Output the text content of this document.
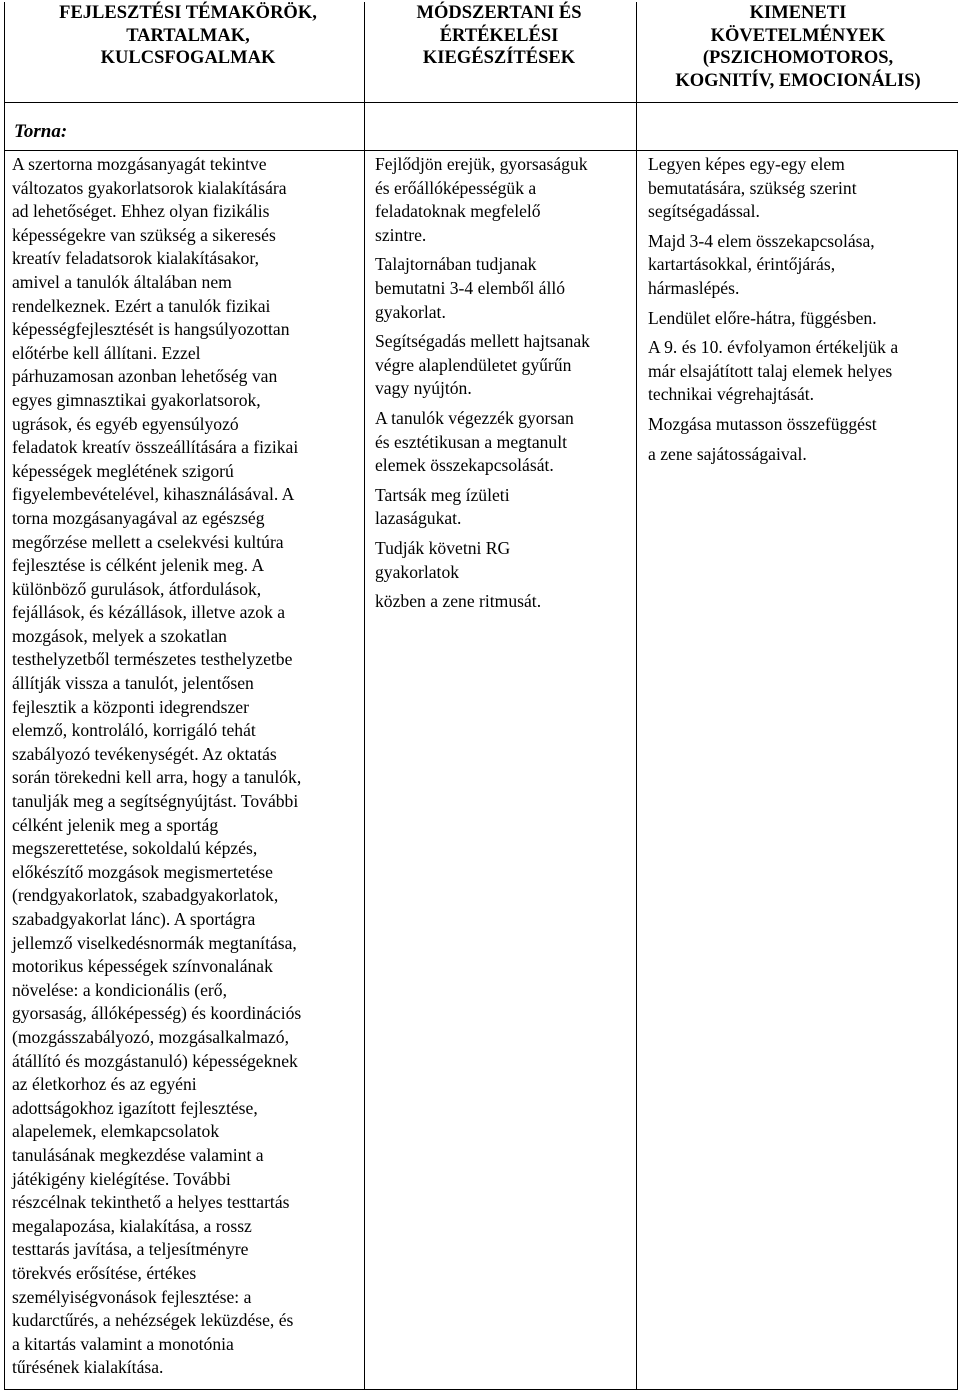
FEJLESZTÉSI TÉMAKÖRÖK,
TARTALMAK,
KULCSFOGALMAK
MÓDSZERTANI ÉS
ÉRTÉKELÉSI
KIEGÉSZÍTÉSEK
KIMENETI
KÖVETELMÉNYEK
(PSZICHOMOTOROS,
KOGNITÍV, EMOCIONÁLIS)
Torna:
A szertorna mozgásanyagát tekintve
változatos gyakorlatsorok kialakítására
ad lehetőséget. Ehhez olyan fizikális
képességekre van szükség a sikeresés
kreatív feladatsorok kialakításakor,
amivel a tanulók általában nem
rendelkeznek. Ezért a tanulók fizikai
képességfejlesztését is hangsúlyozottan
előtérbe kell állítani. Ezzel
párhuzamosan azonban lehetőség van
egyes gimnasztikai gyakorlatsorok,
ugrások, és egyéb egyensúlyozó
feladatok kreatív összeállítására a fizikai
képességek meglétének szigorú
figyelembevételével, kihasználásával. A
torna mozgásanyagával az egészség
megőrzése mellett a cselekvési kultúra
fejlesztése is célként jelenik meg. A
különböző gurulások, átfordulások,
fejállások, és kézállások, illetve azok a
mozgások, melyek a szokatlan
testhelyzetből természetes testhelyzetbe
állítják vissza a tanulót, jelentősen
fejlesztik a központi idegrendszer
elemző, kontroláló, korrigáló tehát
szabályozó tevékenységét. Az oktatás
során törekedni kell arra, hogy a tanulók,
tanulják meg a segítségnyújtást. További
célként jelenik meg a sportág
megszerettetése, sokoldalú képzés,
előkészítő mozgások megismertetése
(rendgyakorlatok, szabadgyakorlatok,
szabadgyakorlat lánc). A sportágra
jellemző viselkedésnormák megtanítása,
motorikus képességek színvonalának
növelése: a kondicionális (erő,
gyorsaság, állóképesség) és koordinációs
(mozgásszabályozó, mozgásalkalmazó,
átállító és mozgástanuló) képességeknek
az életkorhoz és az egyéni
adottságokhoz igazított fejlesztése,
alapelemek, elemkapcsolatok
tanulásának megkezdése valamint a
játékigény kielégítése. További
részcélnak tekinthető a helyes testtartás
megalapozása, kialakítása, a rossz
testtarás javítása, a teljesítményre
törekvés erősítése, értékes
személyiségvonások fejlesztése: a
kudarctűrés, a nehézségek leküzdése, és
a kitartás valamint a monotónia
tűrésének kialakítása.
Fejlődjön erejük, gyorsaságuk
és erőállóképességük a
feladatoknak megfelelő
szintre.
Talajtornában tudjanak
bemutatni 3-4 elemből álló
gyakorlat.
Segítségadás mellett hajtsanak
végre alaplendületet gyűrűn
vagy nyújtón.
A tanulók végezzék gyorsan
és esztétikusan a megtanult
elemek összekapcsolását.
Tartsák meg ízületi
lazaságukat.
Tudják követni RG
gyakorlatok
közben a zene ritmusát.
Legyen képes egy-egy elem
bemutatására, szükség szerint
segítségadással.
Majd 3-4 elem összekapcsolása,
kartartásokkal, érintőjárás,
hármaslépés.
Lendület előre-hátra, függésben.
A 9. és 10. évfolyamon értékeljük a
már elsajátított talaj elemek helyes
technikai végrehajtását.
Mozgása mutasson összefüggést
a zene sajátosságaival.
